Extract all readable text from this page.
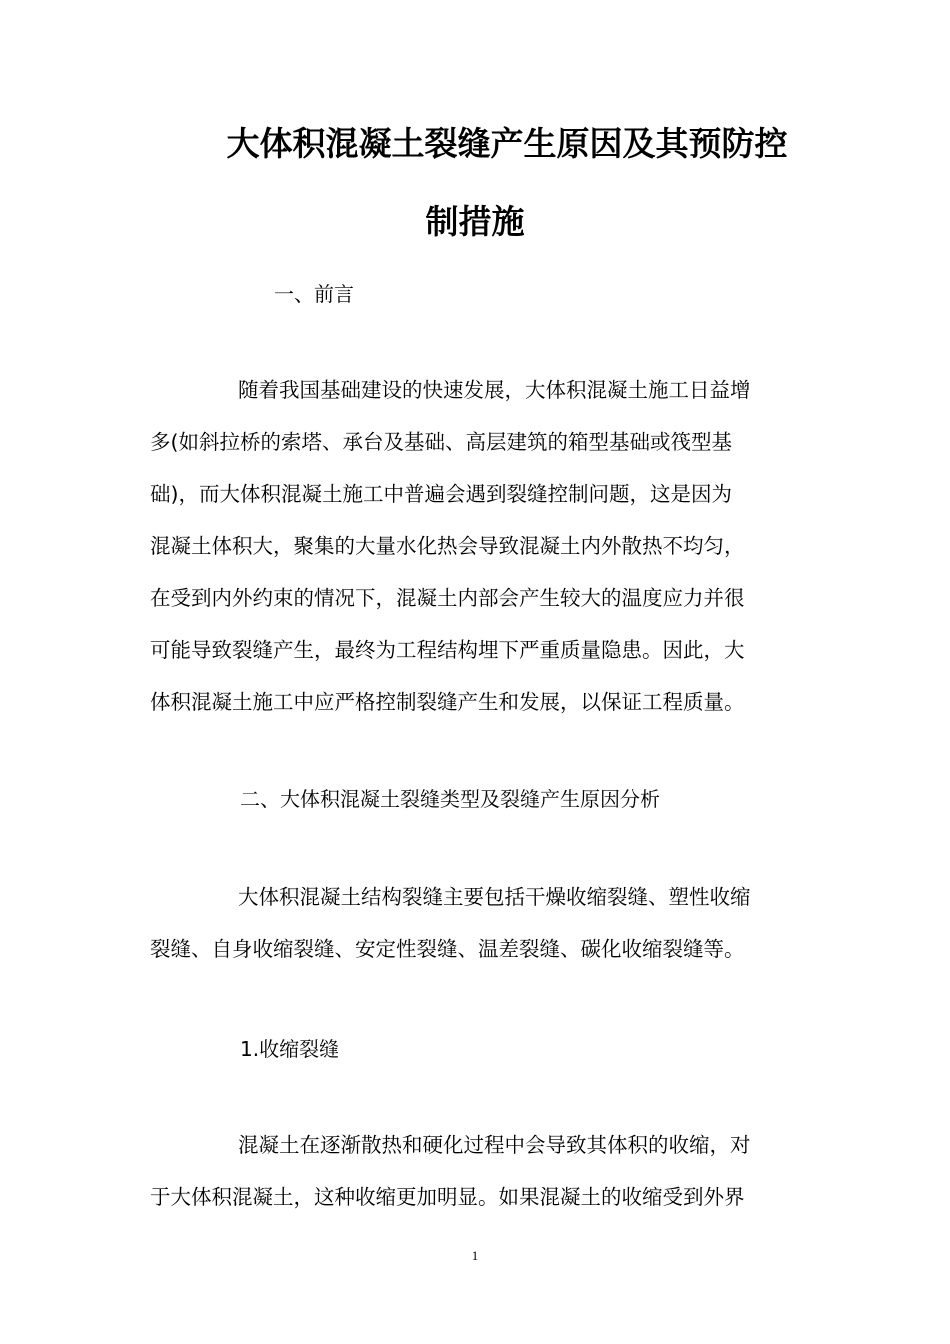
大体积混凝土裂缝产生原因及其预防控
制措施
一、前言
随着我国基础建设的快速发展，大体积混凝土施工日益增
多(如斜拉桥的索塔、承台及基础、高层建筑的箱型基础或筏型基
础)，而大体积混凝土施工中普遍会遇到裂缝控制问题，这是因为
混凝土体积大，聚集的大量水化热会导致混凝土内外散热不均匀，
在受到内外约束的情况下，混凝土内部会产生较大的温度应力并很
可能导致裂缝产生，最终为工程结构埋下严重质量隐患。因此，大
体积混凝土施工中应严格控制裂缝产生和发展，以保证工程质量。
二、大体积混凝土裂缝类型及裂缝产生原因分析
大体积混凝土结构裂缝主要包括干燥收缩裂缝、塑性收缩
裂缝、自身收缩裂缝、安定性裂缝、温差裂缝、碳化收缩裂缝等。
1.收缩裂缝
混凝土在逐渐散热和硬化过程中会导致其体积的收缩，对
于大体积混凝土，这种收缩更加明显。如果混凝土的收缩受到外界
1
